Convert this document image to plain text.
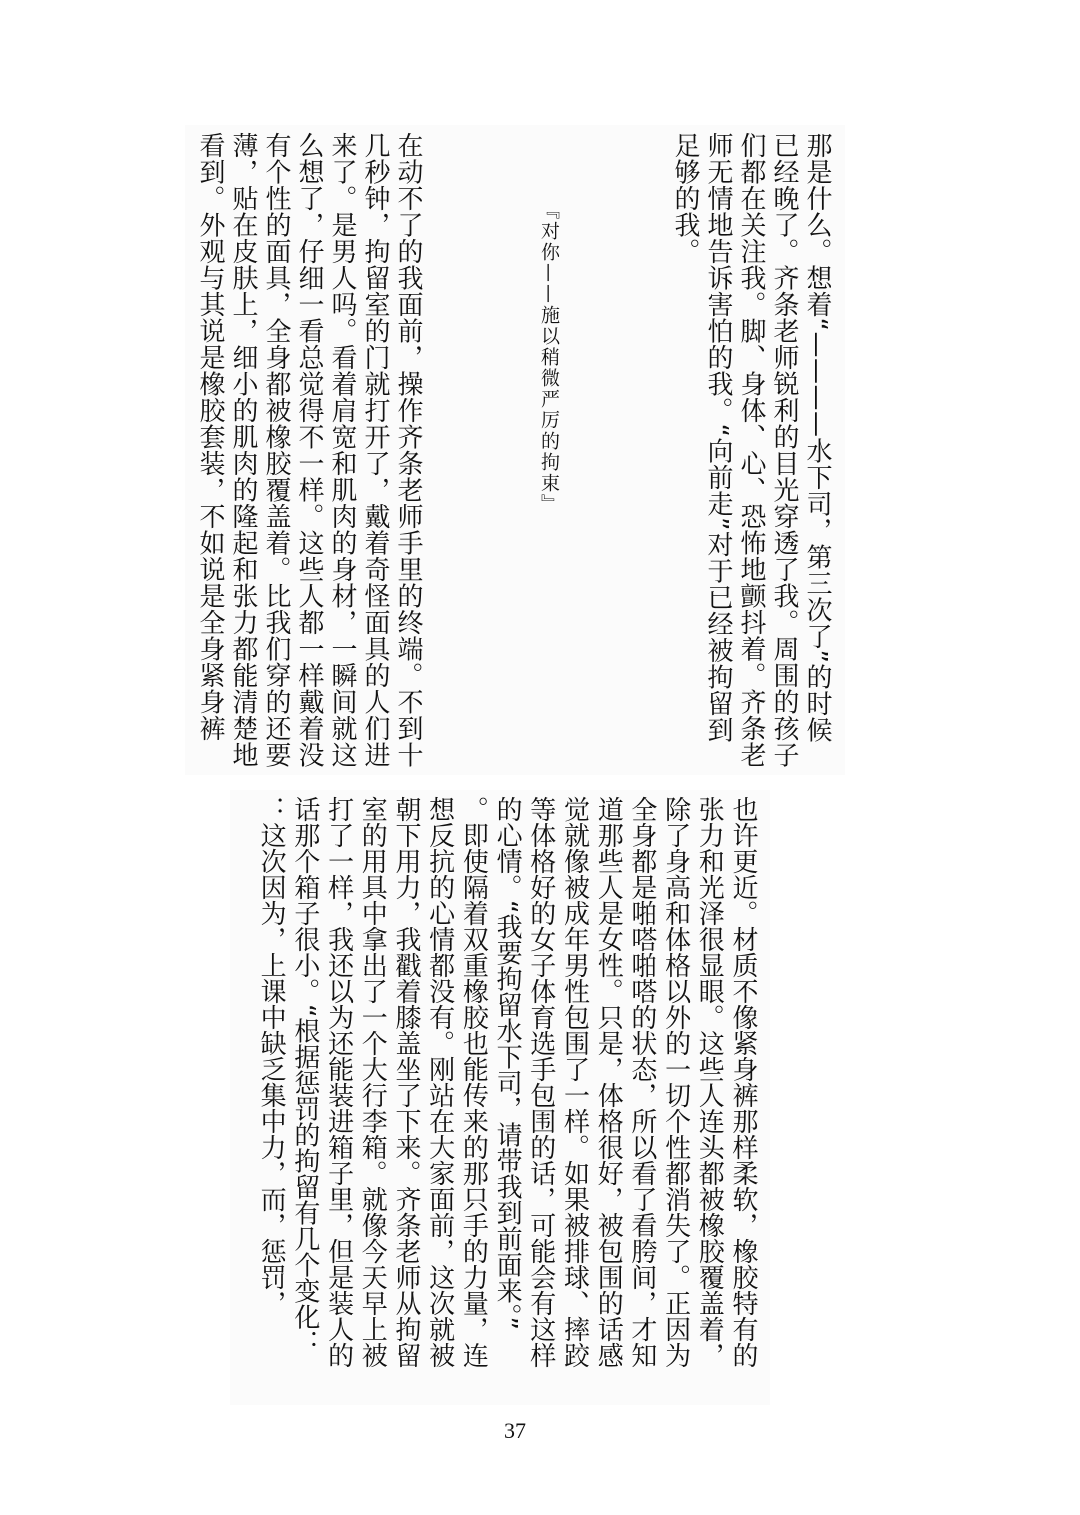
那是什么。想着“————水下司，第三次了”的时候
已经晚了。齐条老师锐利的目光穿透了我。周围的孩子
们都在关注我。脚、身体、心、恐怖地颤抖着。齐条老
师无情地告诉害怕的我。“向前走”对于已经被拘留到
足够的我。
『对你——施以稍微严厉的拘束』
在动不了的我面前，操作齐条老师手里的终端。不到十
几秒钟，拘留室的门就打开了，戴着奇怪面具的人们进
来了。是男人吗。看着肩宽和肌肉的身材，一瞬间就这
么想了，仔细一看总觉得不一样。这些人都一样戴着没
有个性的面具，全身都被橡胶覆盖着。比我们穿的还要
薄，贴在皮肤上，细小的肌肉的隆起和张力都能清楚地
看到。外观与其说是橡胶套装，不如说是全身紧身裤
也许更近。材质不像紧身裤那样柔软，橡胶特有的
张力和光泽很显眼。这些人连头都被橡胶覆盖着，
除了身高和体格以外的一切个性都消失了。正因为
全身都是啪嗒啪嗒的状态，所以看了看胯间，才知
道那些人是女性。只是，体格很好，被包围的话感
觉就像被成年男性包围了一样。如果被排球、摔跤
等体格好的女子体育选手包围的话，可能会有这样
的心情。“我要拘留水下司，请带我到前面来。”
。即使隔着双重橡胶也能传来的那只手的力量，连
想反抗的心情都没有。刚站在大家面前，这次就被
朝下用力，我戳着膝盖坐了下来。齐条老师从拘留
室的用具中拿出了一个大行李箱。就像今天早上被
打了一样，我还以为还能装进箱子里，但是装人的
话那个箱子很小。“根据惩罚的拘留有几个变化：
：这次因为，上课中缺乏集中力，而，惩罚，
37
